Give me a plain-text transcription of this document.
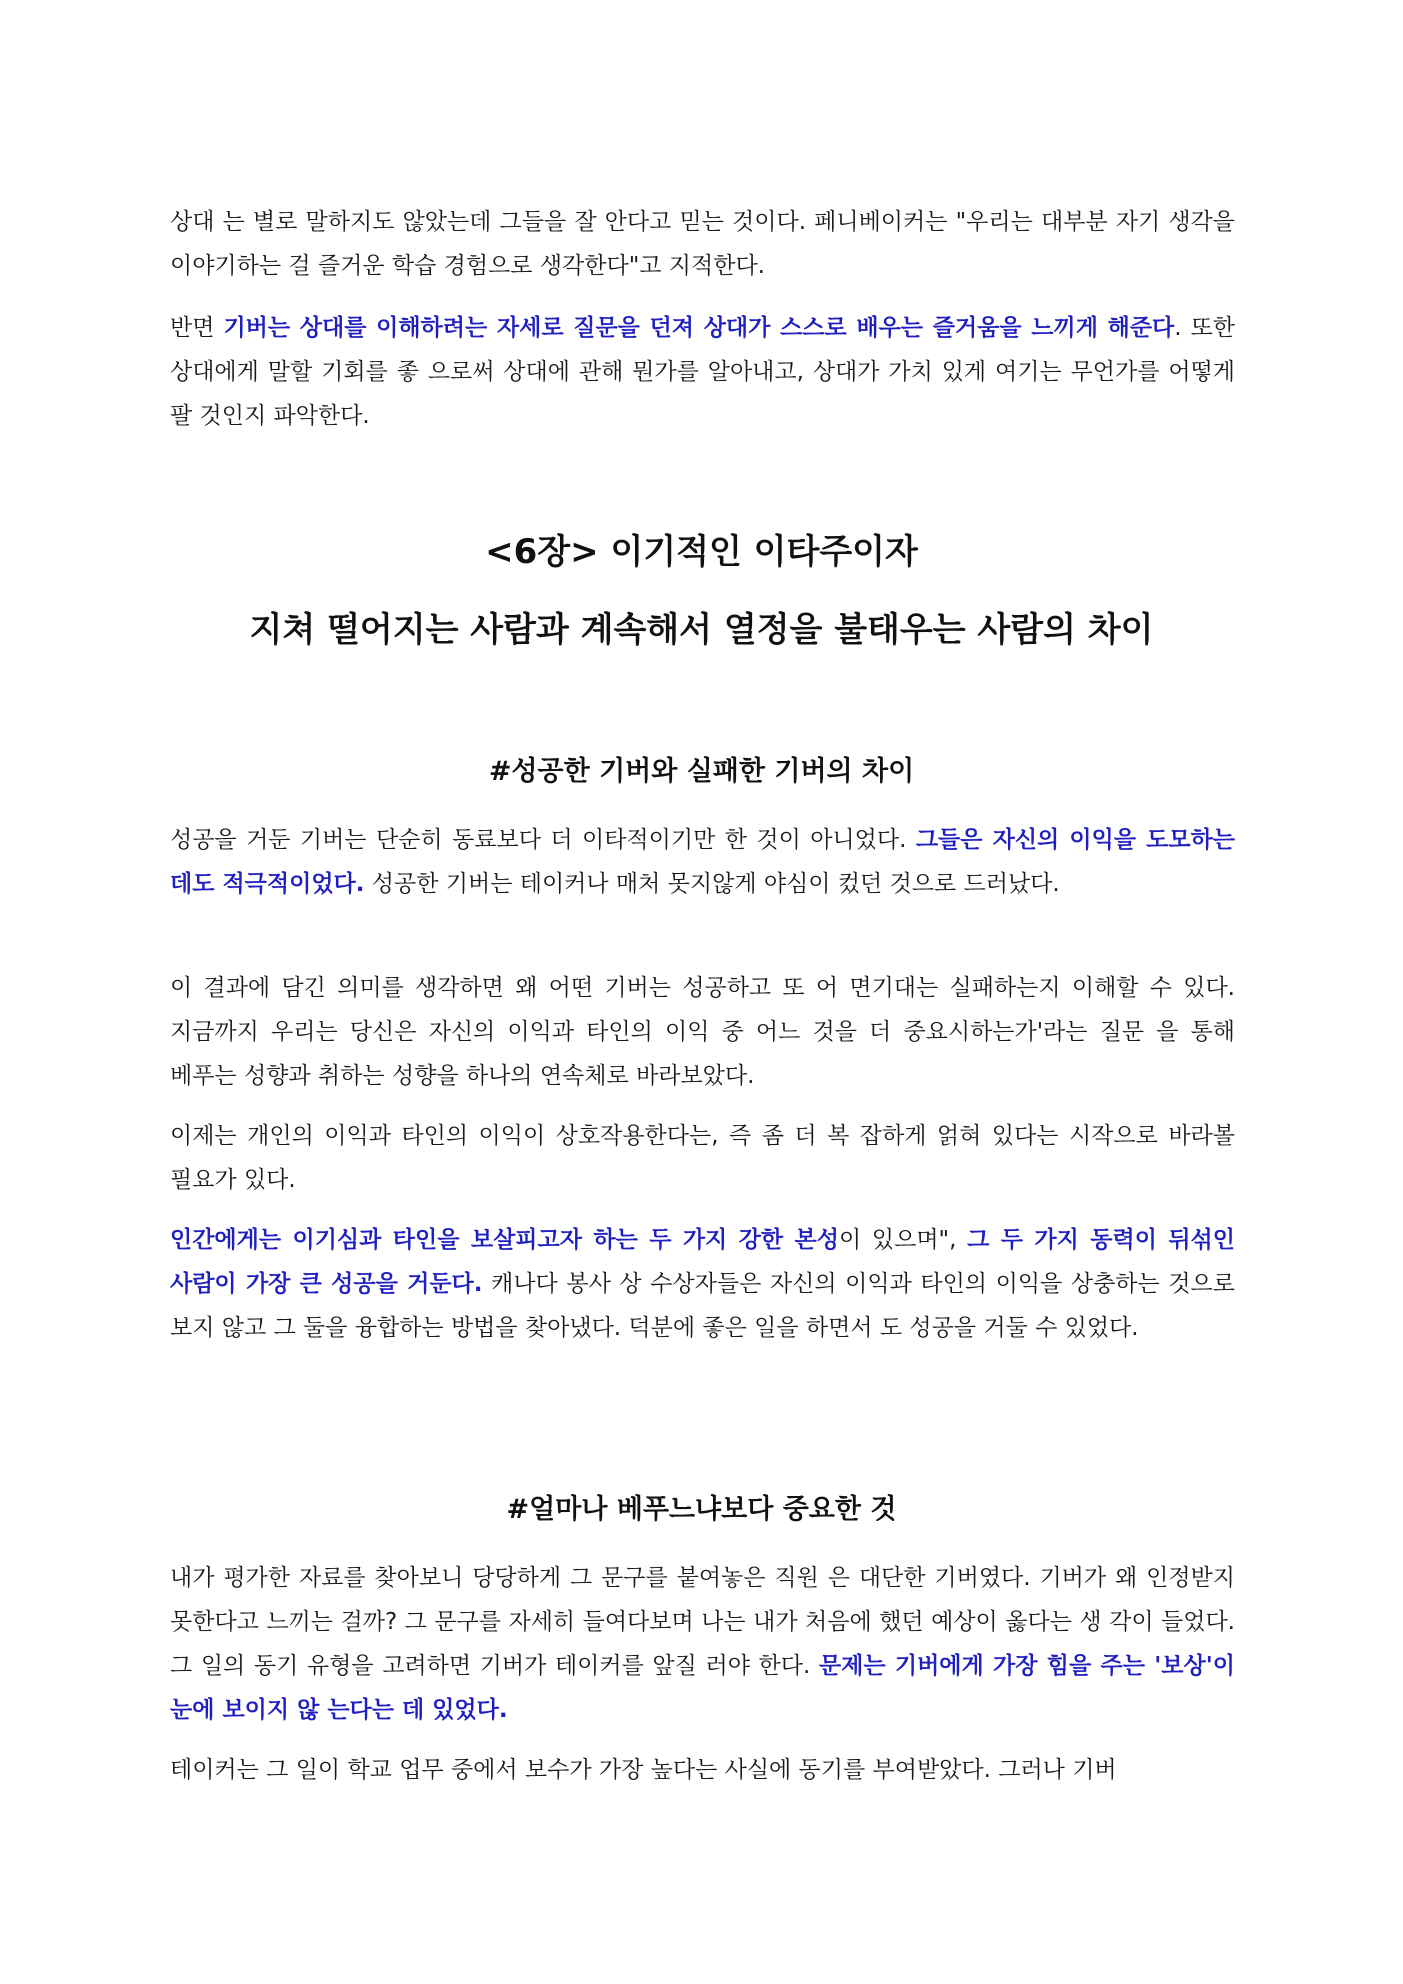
상대 는 별로 말하지도 않았는데 그들을 잘 안다고 믿는 것이다. 페니베이커는 "우리는 대부분 자기 생각을 이야기하는 걸 즐거운 학습 경험으로 생각한다"고 지적한다.

반면 기버는 상대를 이해하려는 자세로 질문을 던져 상대가 스스로 배우는 즐거움을 느끼게 해준다. 또한 상대에게 말할 기회를 좋 으로써 상대에 관해 뭔가를 알아내고, 상대가 가치 있게 여기는 무언가를 어떻게 팔 것인지 파악한다.

<6장> 이기적인 이타주이자
지쳐 떨어지는 사람과 계속해서 열정을 불태우는 사람의 차이
#성공한 기버와 실패한 기버의 차이

성공을 거둔 기버는 단순히 동료보다 더 이타적이기만 한 것이 아니었다. 그들은 자신의 이익을 도모하는 데도 적극적이었다. 성공한 기버는 테이커나 매처 못지않게 야심이 컸던 것으로 드러났다.

이 결과에 담긴 의미를 생각하면 왜 어떤 기버는 성공하고 또 어 면기대는 실패하는지 이해할 수 있다. 지금까지 우리는 당신은 자신의 이익과 타인의 이익 중 어느 것을 더 중요시하는가'라는 질문 을 통해 베푸는 성향과 취하는 성향을 하나의 연속체로 바라보았다.

이제는 개인의 이익과 타인의 이익이 상호작용한다는, 즉 좀 더 복 잡하게 얽혀 있다는 시작으로 바라볼 필요가 있다.

인간에게는 이기심과 타인을 보살피고자 하는 두 가지 강한 본성이 있으며", 그 두 가지 동력이 뒤섞인 사람이 가장 큰 성공을 거둔다. 캐나다 봉사 상 수상자들은 자신의 이익과 타인의 이익을 상충하는 것으로 보지 않고 그 둘을 융합하는 방법을 찾아냈다. 덕분에 좋은 일을 하면서 도 성공을 거둘 수 있었다.

#얼마나 베푸느냐보다 중요한 것

내가 평가한 자료를 찾아보니 당당하게 그 문구를 붙여놓은 직원 은 대단한 기버였다. 기버가 왜 인정받지 못한다고 느끼는 걸까? 그 문구를 자세히 들여다보며 나는 내가 처음에 했던 예상이 옳다는 생 각이 들었다. 그 일의 동기 유형을 고려하면 기버가 테이커를 앞질 러야 한다. 문제는 기버에게 가장 힘을 주는 '보상'이 눈에 보이지 않 는다는 데 있었다.

테이커는 그 일이 학교 업무 중에서 보수가 가장 높다는 사실에 동기를 부여받았다. 그러나 기버
